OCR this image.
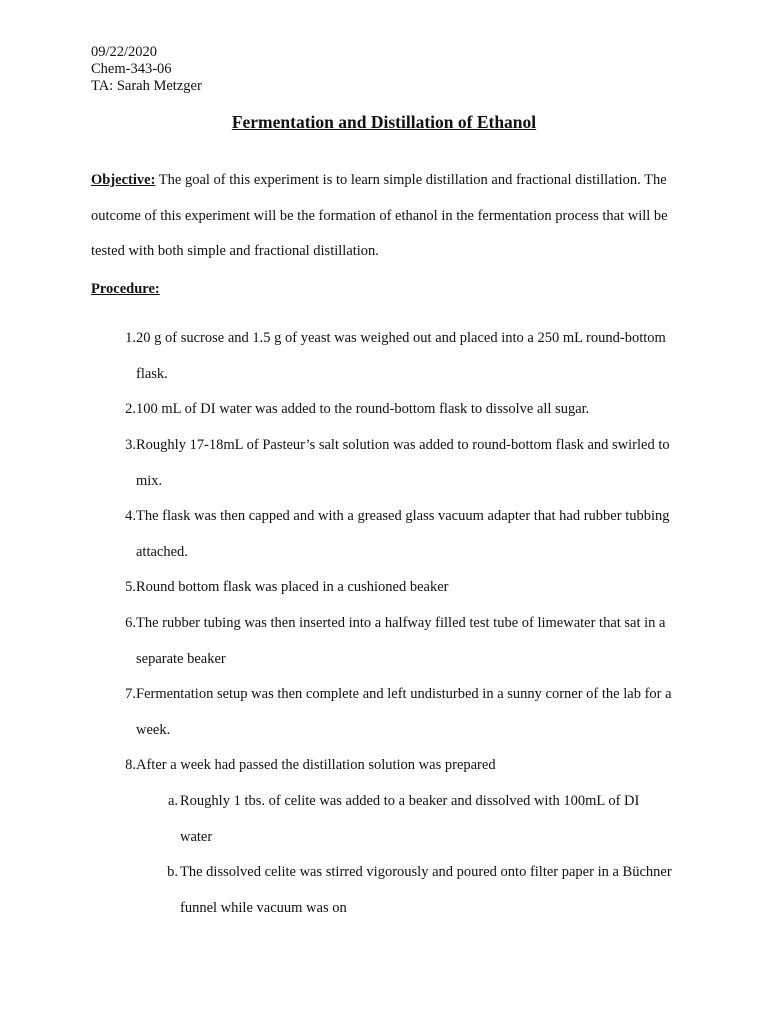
09/22/2020
Chem-343-06
TA: Sarah Metzger
Fermentation and Distillation of Ethanol
Objective: The goal of this experiment is to learn simple distillation and fractional distillation. The outcome of this experiment will be the formation of ethanol in the fermentation process that will be tested with both simple and fractional distillation.
Procedure:
1. 20 g of sucrose and 1.5 g of yeast was weighed out and placed into a 250 mL round-bottom flask.
2. 100 mL of DI water was added to the round-bottom flask to dissolve all sugar.
3. Roughly 17-18mL of Pasteur’s salt solution was added to round-bottom flask and swirled to mix.
4. The flask was then capped and with a greased glass vacuum adapter that had rubber tubbing attached.
5. Round bottom flask was placed in a cushioned beaker
6. The rubber tubing was then inserted into a halfway filled test tube of limewater that sat in a separate beaker
7. Fermentation setup was then complete and left undisturbed in a sunny corner of the lab for a week.
8. After a week had passed the distillation solution was prepared
a. Roughly 1 tbs. of celite was added to a beaker and dissolved with 100mL of DI water
b. The dissolved celite was stirred vigorously and poured onto filter paper in a Büchner funnel while vacuum was on
